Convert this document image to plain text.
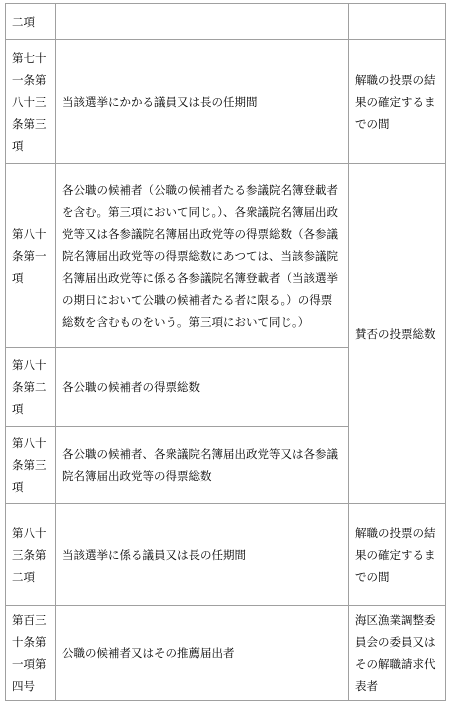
二項		
第七十一条第八十三条第三項	当該選挙にかかる議員又は長の任期間	解職の投票の結果の確定するまでの間
第八十条第一項	各公職の候補者（公職の候補者たる参議院名簿登載者を含む。第三項において同じ。）、各衆議院名簿届出政党等又は各参議院名簿届出政党等の得票総数（各参議院名簿届出政党等の得票総数にあつては、当該参議院名簿届出政党等に係る各参議院名簿登載者（当該選挙の期日において公職の候補者たる者に限る。）の得票総数を含むものをいう。第三項において同じ。）	賛否の投票総数
第八十条第二項	各公職の候補者の得票総数	
第八十条第三項	各公職の候補者、各衆議院名簿届出政党等又は各参議院名簿届出政党等の得票総数	
第八十三条第二項	当該選挙に係る議員又は長の任期間	解職の投票の結果の確定するまでの間
第百三十条第一項第四号	公職の候補者又はその推薦届出者	海区漁業調整委員会の委員又はその解職請求代表者
